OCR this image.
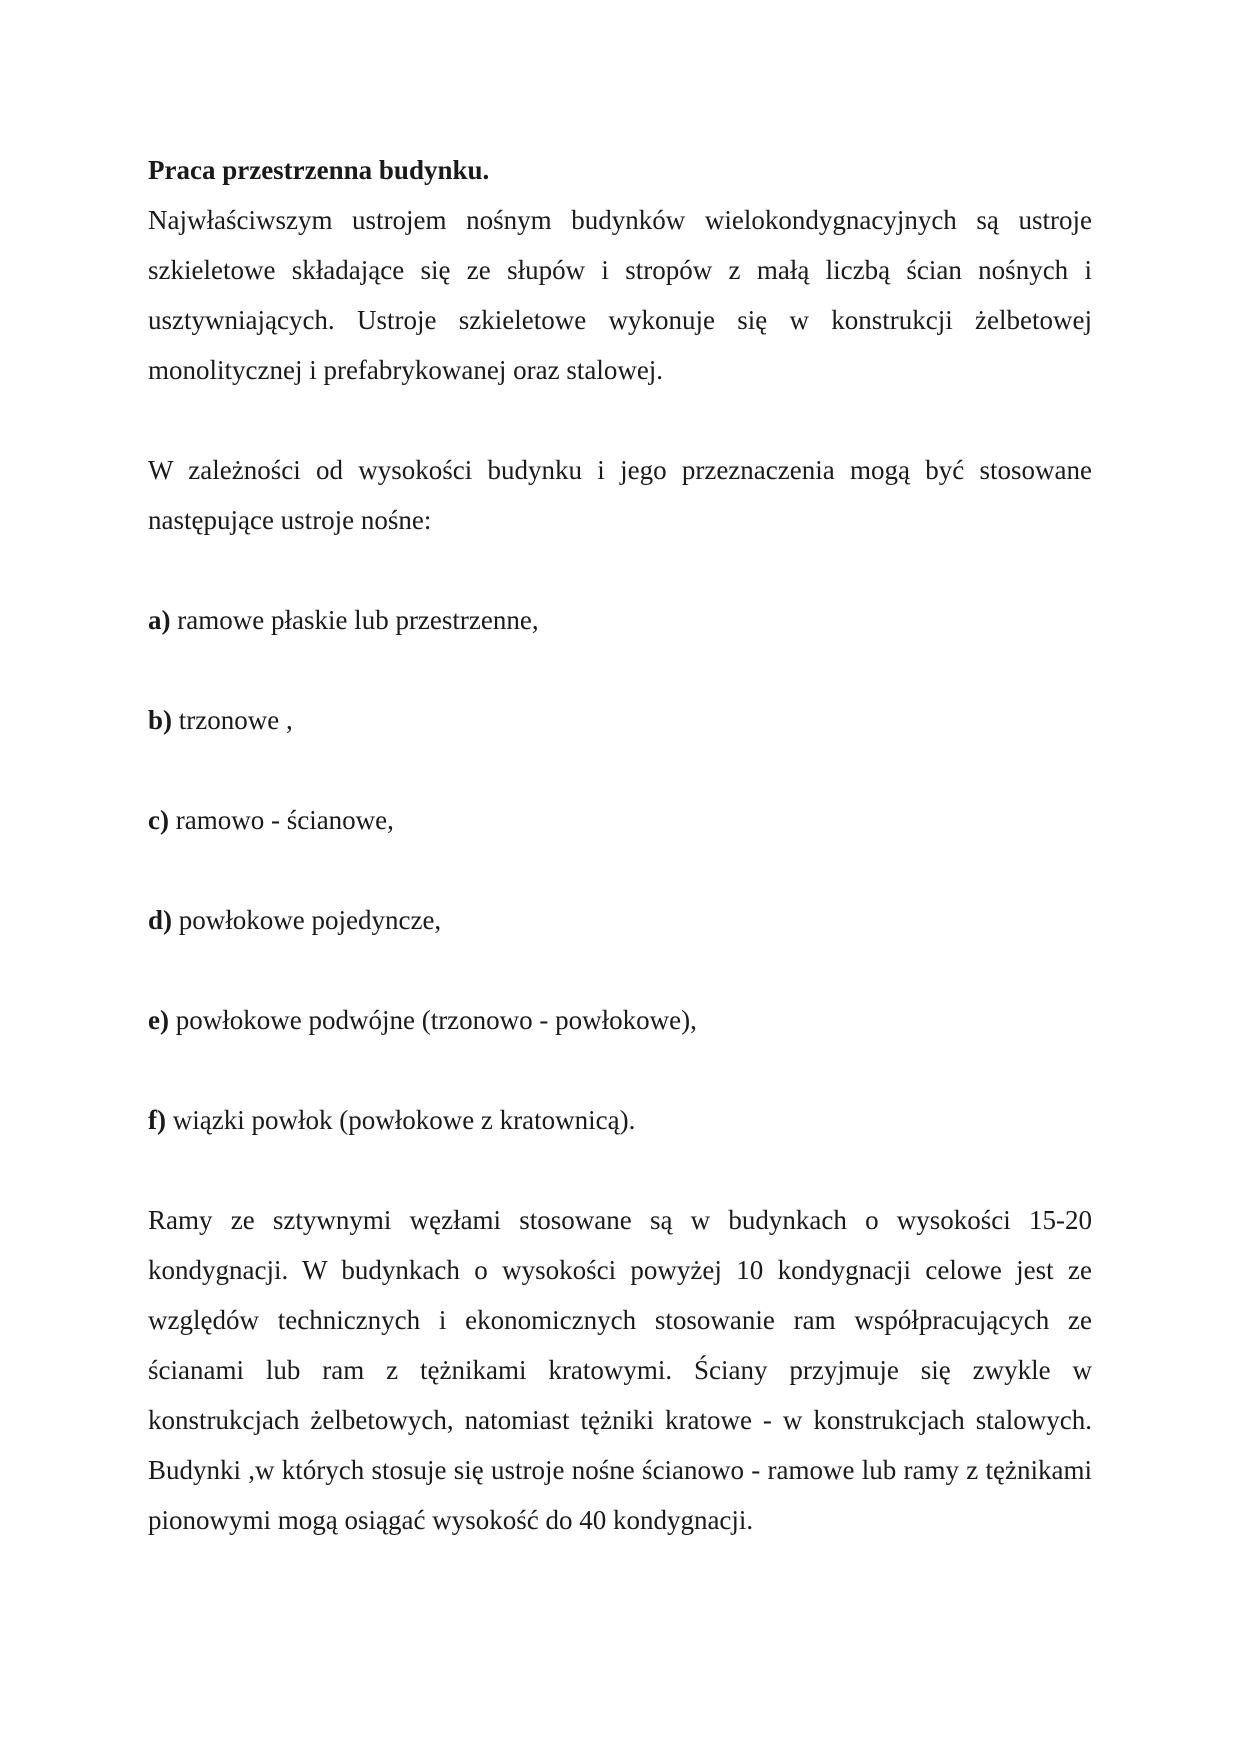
Praca przestrzenna budynku.

Najwłaściwszym ustrojem nośnym budynków wielokondygnacyjnych są ustroje szkieletowe składające się ze słupów i stropów z małą liczbą ścian nośnych i usztywniających. Ustroje szkieletowe wykonuje się w konstrukcji żelbetowej monolitycznej i prefabrykowanej oraz stalowej.

W zależności od wysokości budynku i jego przeznaczenia mogą być stosowane następujące ustroje nośne:

a) ramowe płaskie lub przestrzenne,
b) trzonowe ,
c) ramowo - ścianowe,
d) powłokowe pojedyncze,
e) powłokowe podwójne (trzonowo - powłokowe),
f) wiązki powłok (powłokowe z kratownicą).

Ramy ze sztywnymi węzłami stosowane są w budynkach o wysokości 15-20 kondygnacji. W budynkach o wysokości powyżej 10 kondygnacji celowe jest ze względów technicznych i ekonomicznych stosowanie ram współpracujących ze ścianami lub ram z tężnikami kratowymi. Ściany przyjmuje się zwykle w konstrukcjach żelbetowych, natomiast tężniki kratowe - w konstrukcjach stalowych. Budynki ,w których stosuje się ustroje nośne ścianowo - ramowe lub ramy z tężnikami pionowymi mogą osiągać wysokość do 40 kondygnacji.
